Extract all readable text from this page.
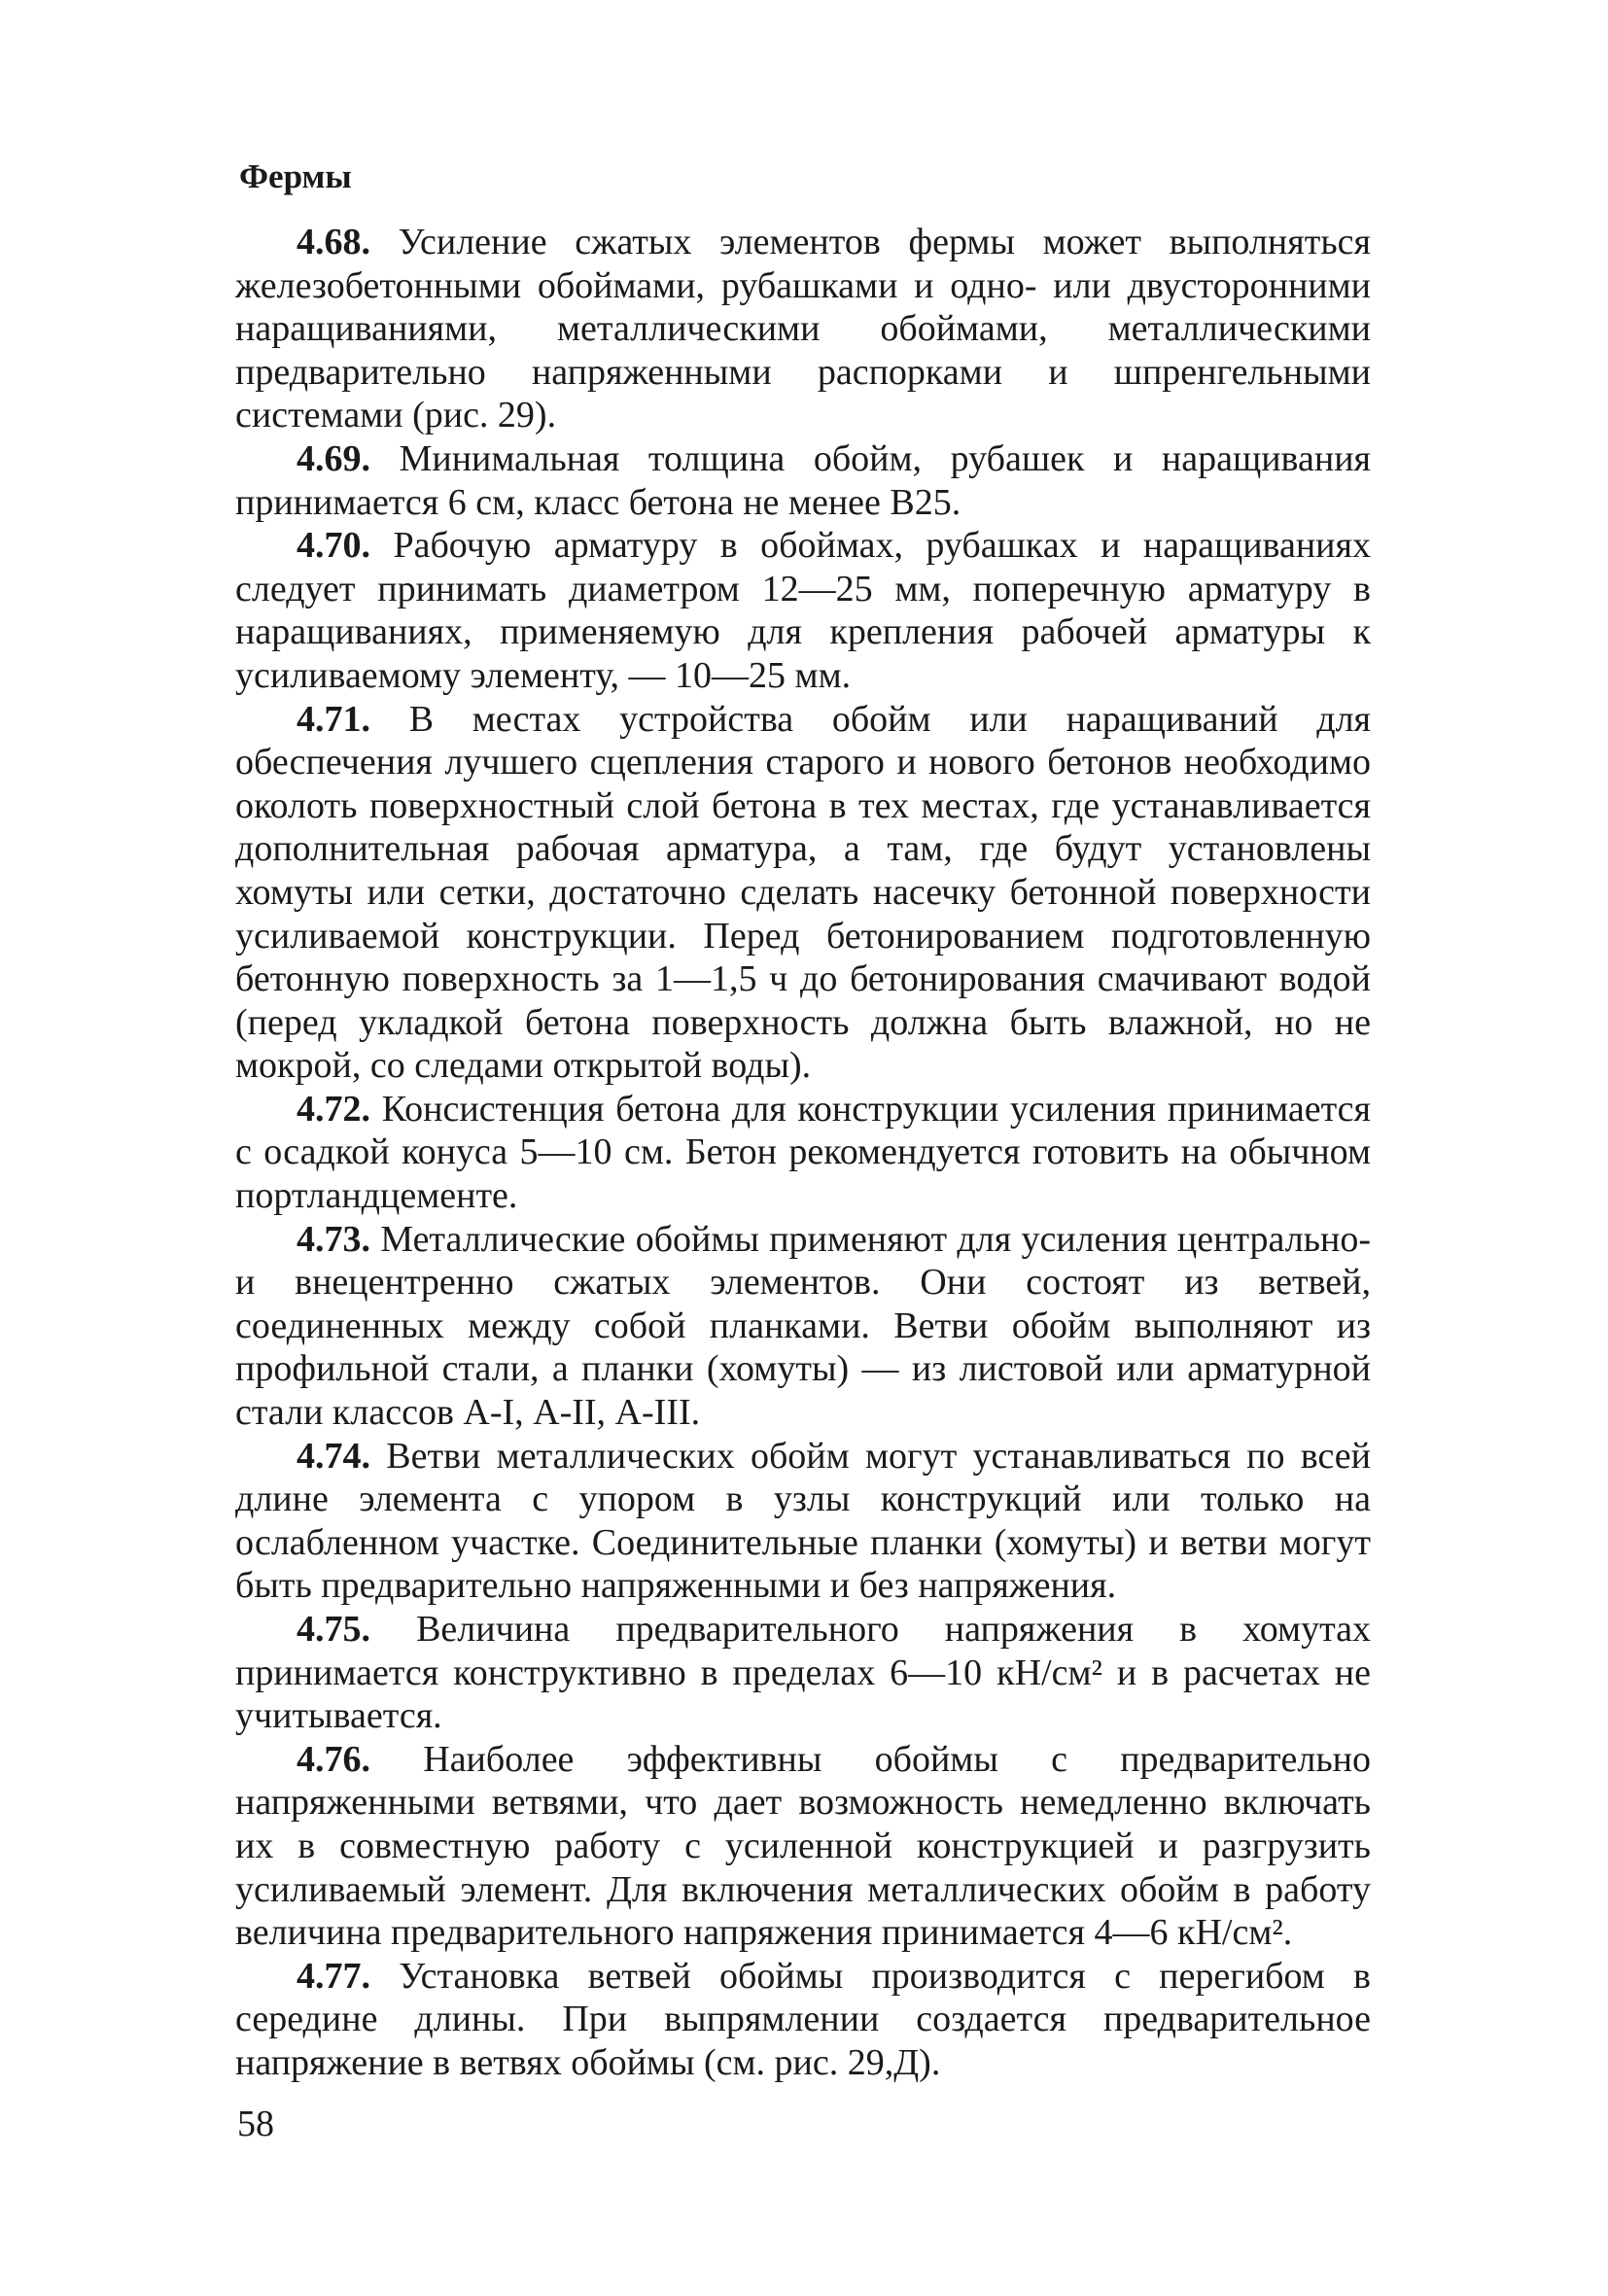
Фермы

4.68. Усиление сжатых элементов фермы может выполняться железобетонными обоймами, рубашками и одно- или двусторонними наращиваниями, металлическими обоймами, металлическими предварительно напряженными распорками и шпренгельными системами (рис. 29).

4.69. Минимальная толщина обойм, рубашек и наращивания принимается 6 см, класс бетона не менее В25.

4.70. Рабочую арматуру в обоймах, рубашках и наращиваниях следует принимать диаметром 12—25 мм, поперечную арматуру в наращиваниях, применяемую для крепления рабочей арматуры к усиливаемому элементу, — 10—25 мм.

4.71. В местах устройства обойм или наращиваний для обеспечения лучшего сцепления старого и нового бетонов необходимо околоть поверхностный слой бетона в тех местах, где устанавливается дополнительная рабочая арматура, а там, где будут установлены хомуты или сетки, достаточно сделать насечку бетонной поверхности усиливаемой конструкции. Перед бетонированием подготовленную бетонную поверхность за 1—1,5 ч до бетонирования смачивают водой (перед укладкой бетона поверхность должна быть влажной, но не мокрой, со следами открытой воды).

4.72. Консистенция бетона для конструкции усиления принимается с осадкой конуса 5—10 см. Бетон рекомендуется готовить на обычном портландцементе.

4.73. Металлические обоймы применяют для усиления центрально- и внецентренно сжатых элементов. Они состоят из ветвей, соединенных между собой планками. Ветви обойм выполняют из профильной стали, а планки (хомуты) — из листовой или арматурной стали классов А-I, А-II, А-III.

4.74. Ветви металлических обойм могут устанавливаться по всей длине элемента с упором в узлы конструкций или только на ослабленном участке. Соединительные планки (хомуты) и ветви могут быть предварительно напряженными и без напряжения.

4.75. Величина предварительного напряжения в хомутах принимается конструктивно в пределах 6—10 кН/см² и в расчетах не учитывается.

4.76. Наиболее эффективны обоймы с предварительно напряженными ветвями, что дает возможность немедленно включать их в совместную работу с усиленной конструкцией и разгрузить усиливаемый элемент. Для включения металлических обойм в работу величина предварительного напряжения принимается 4—6 кН/см².

4.77. Установка ветвей обоймы производится с перегибом в середине длины. При выпрямлении создается предварительное напряжение в ветвях обоймы (см. рис. 29,Д).

58
